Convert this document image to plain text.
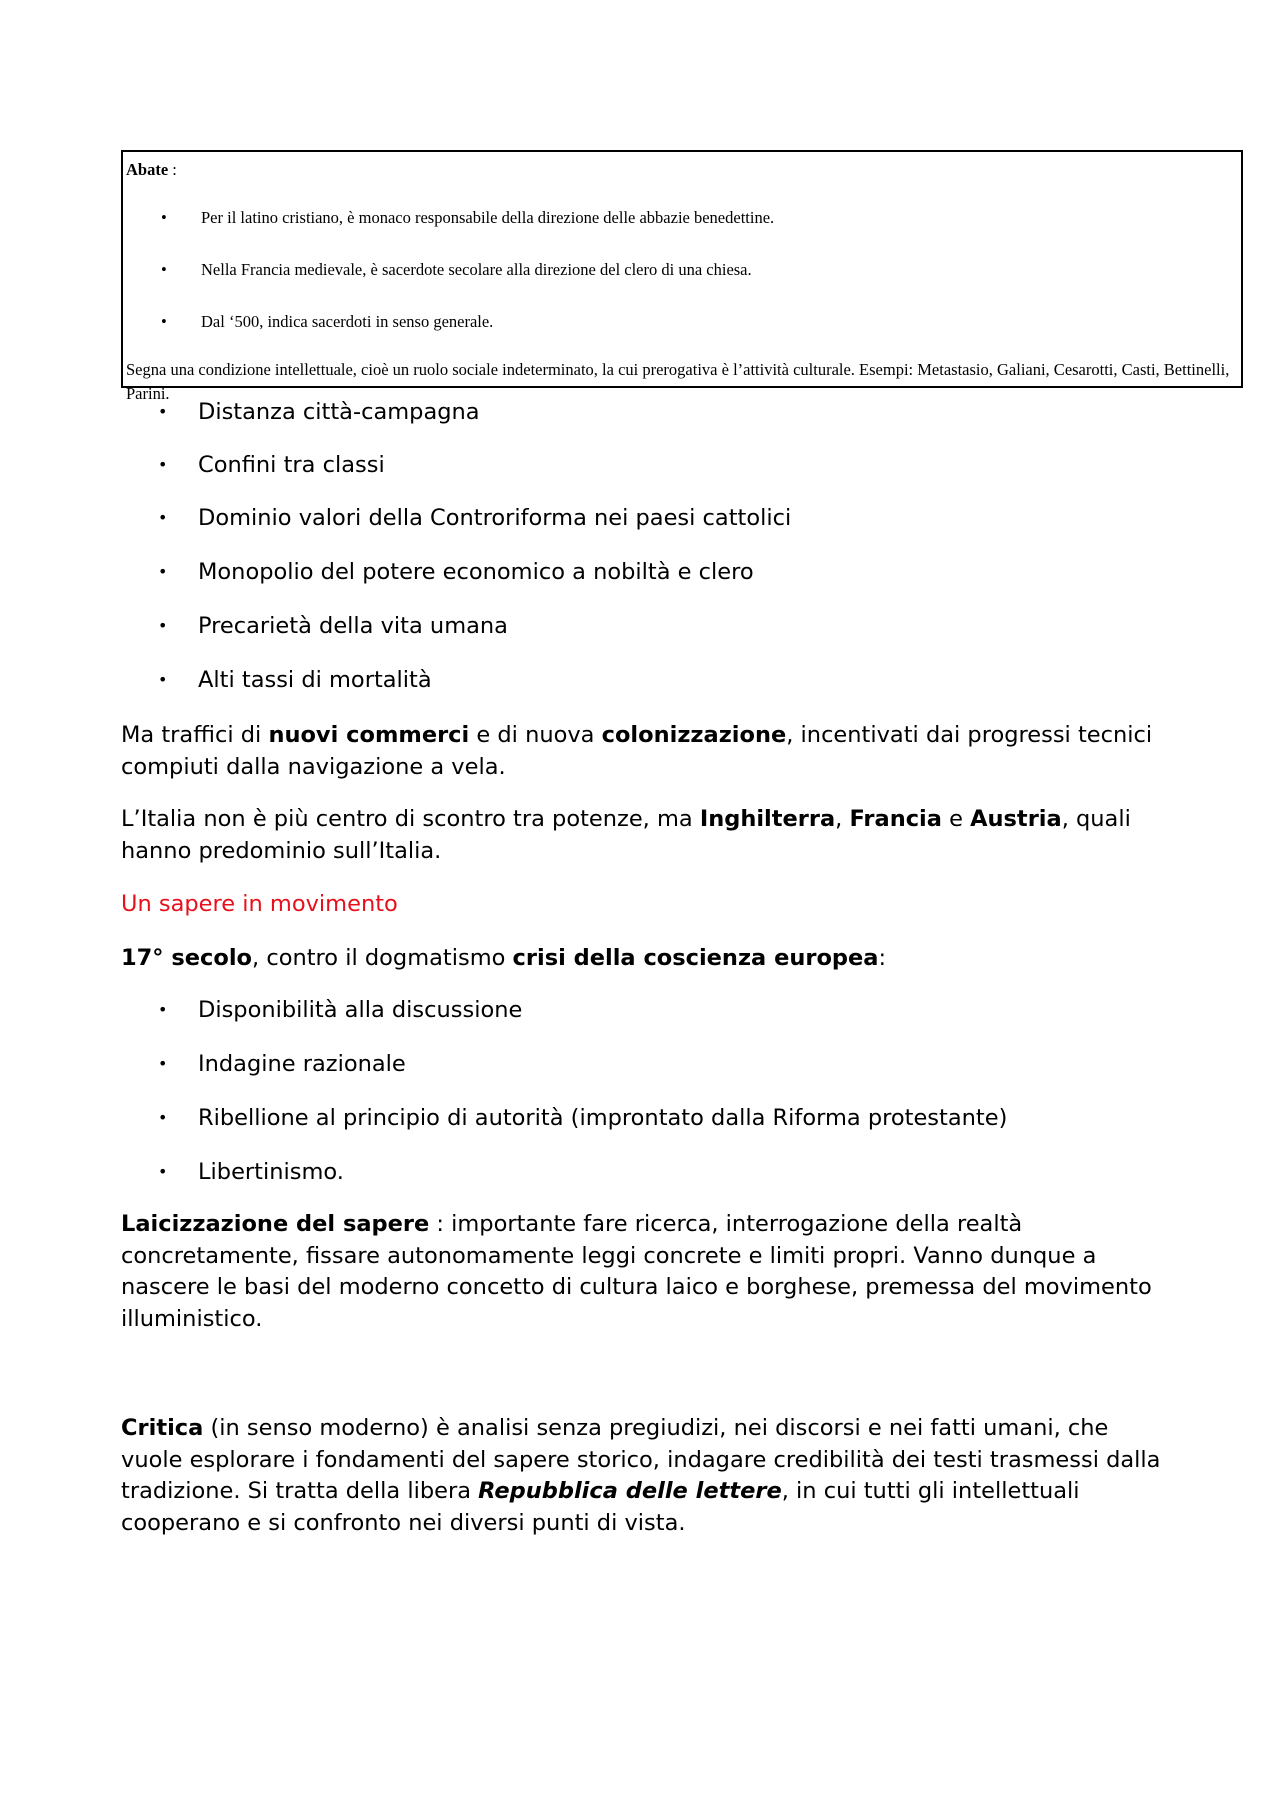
• Distanza città-campagna
• Confini tra classi
• Dominio valori della Controriforma nei paesi cattolici
• Monopolio del potere economico a nobiltà e clero
• Precarietà della vita umana
• Alti tassi di mortalità
Abate :
• Per il latino cristiano, è monaco responsabile della direzione delle abbazie benedettine.
• Nella Francia medievale, è sacerdote secolare alla direzione del clero di una chiesa.
• Dal ‘500, indica sacerdoti in senso generale.
Segna una condizione intellettuale, cioè un ruolo sociale indeterminato, la cui prerogativa è l’attività culturale. Esempi: Metastasio, Galiani, Cesarotti, Casti, Bettinelli, Parini.
Ma traffici di nuovi commerci e di nuova colonizzazione, incentivati dai progressi tecnici compiuti dalla navigazione a vela.
L’Italia non è più centro di scontro tra potenze, ma Inghilterra, Francia e Austria, quali hanno predominio sull’Italia.
Un sapere in movimento
17° secolo, contro il dogmatismo crisi della coscienza europea:
• Disponibilità alla discussione
• Indagine razionale
• Ribellione al principio di autorità (improntato dalla Riforma protestante)
• Libertinismo.
Laicizzazione del sapere : importante fare ricerca, interrogazione della realtà concretamente, fissare autonomamente leggi concrete e limiti propri. Vanno dunque a nascere le basi del moderno concetto di cultura laico e borghese, premessa del movimento illuministico.
Critica (in senso moderno) è analisi senza pregiudizi, nei discorsi e nei fatti umani, che vuole esplorare i fondamenti del sapere storico, indagare credibilità dei testi trasmessi dalla tradizione. Si tratta della libera Repubblica delle lettere, in cui tutti gli intellettuali cooperano e si confronto nei diversi punti di vista.
